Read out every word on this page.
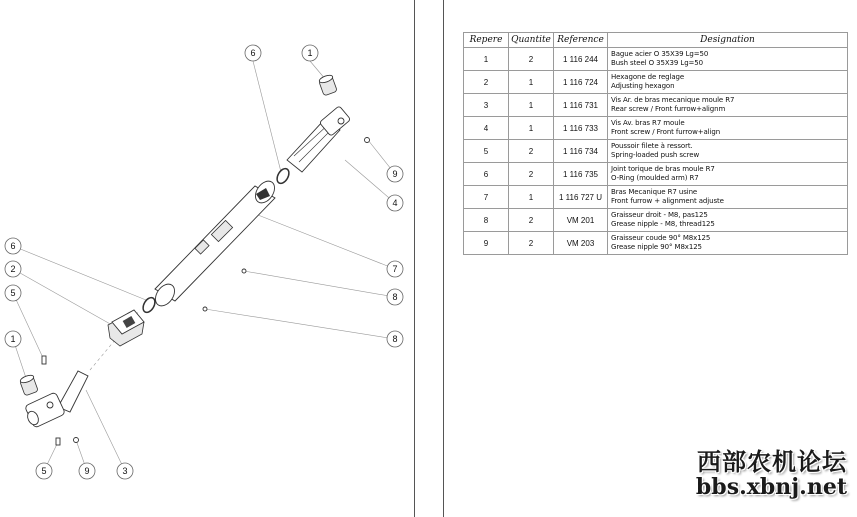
6	1
9
4
7
8
8
6
2
5
1
5	9	3
Repere	Quantite	Reference	Designation
1	2	1 116 244	Bague acier O 35X39 Lg=50
Bush steel O 35X39 Lg=50

2	1	1 116 724	Hexagone de reglage
Adjusting hexagon

3	1	1 116 731	Vis Ar. de bras mecanique moule R7
Rear screw / Front furrow+alignm

4	1	1 116 733	Vis Av. bras R7 moule
Front screw / Front furrow+align

5	2	1 116 734	Poussoir filete à ressort.
Spring-loaded push screw

6	2	1 116 735	Joint torique de bras moule R7
O-Ring (moulded arm) R7

7	1	1 116 727 U	Bras Mecanique R7 usine
Front furrow + alignment adjuste

8	2	VM 201	Graisseur droit - M8, pas125
Grease nipple - M8, thread125

9	2	VM 203	Graisseur coude 90° M8x125
Grease nipple 90° M8x125
西部农机论坛
bbs.xbnj.net
